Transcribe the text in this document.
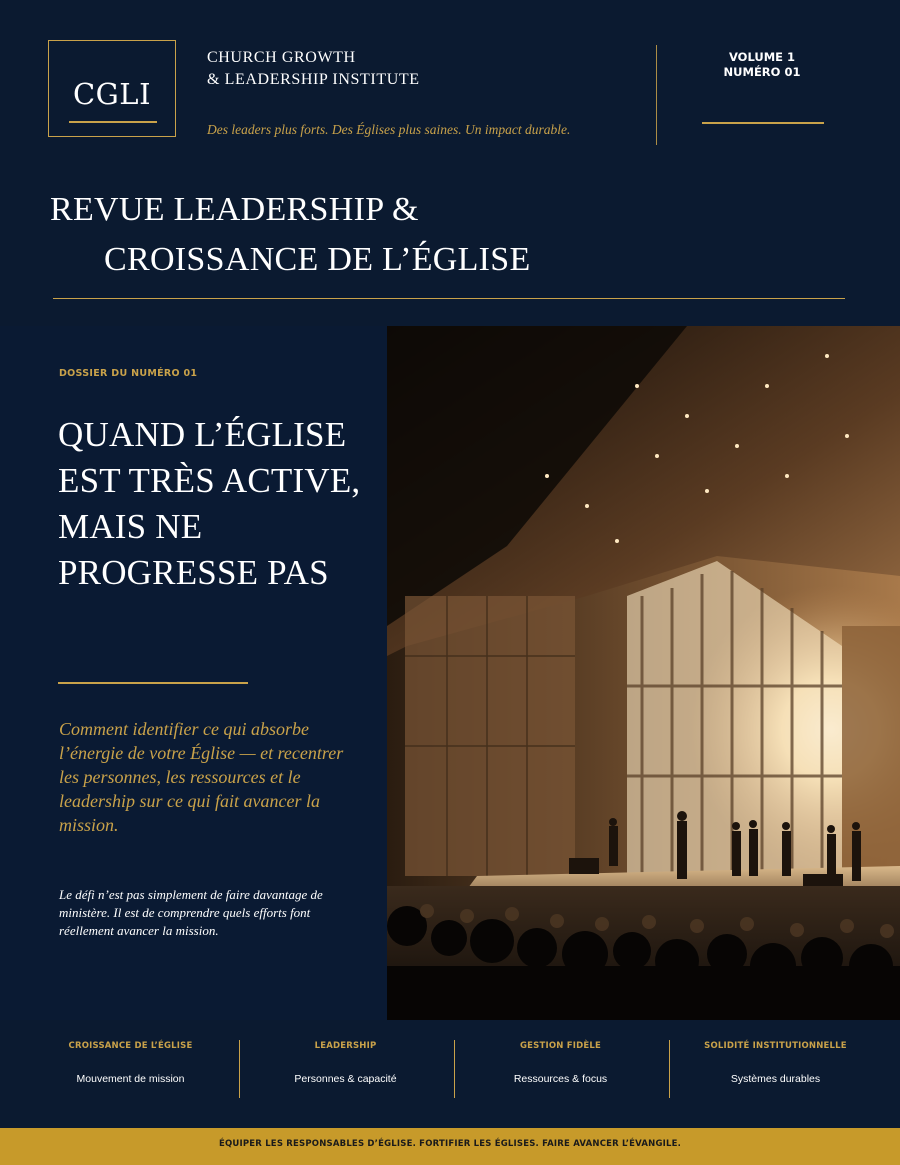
CGLI
CHURCH GROWTH
& LEADERSHIP INSTITUTE
Des leaders plus forts. Des Églises plus saines. Un impact durable.
VOLUME 1
NUMÉRO 01
REVUE LEADERSHIP &
CROISSANCE DE L’ÉGLISE
DOSSIER DU NUMÉRO 01
QUAND L’ÉGLISE
EST TRÈS ACTIVE,
MAIS NE
PROGRESSE PAS
Comment identifier ce qui absorbe l’énergie de votre Église — et recentrer les personnes, les ressources et le leadership sur ce qui fait avancer la mission.
Le défi n’est pas simplement de faire davantage de ministère. Il est de comprendre quels efforts font réellement avancer la mission.
CROISSANCE DE L’ÉGLISE
Mouvement de mission
LEADERSHIP
Personnes & capacité
GESTION FIDÈLE
Ressources & focus
SOLIDITÉ INSTITUTIONNELLE
Systèmes durables
ÉQUIPER LES RESPONSABLES D’ÉGLISE. FORTIFIER LES ÉGLISES. FAIRE AVANCER L’ÉVANGILE.
